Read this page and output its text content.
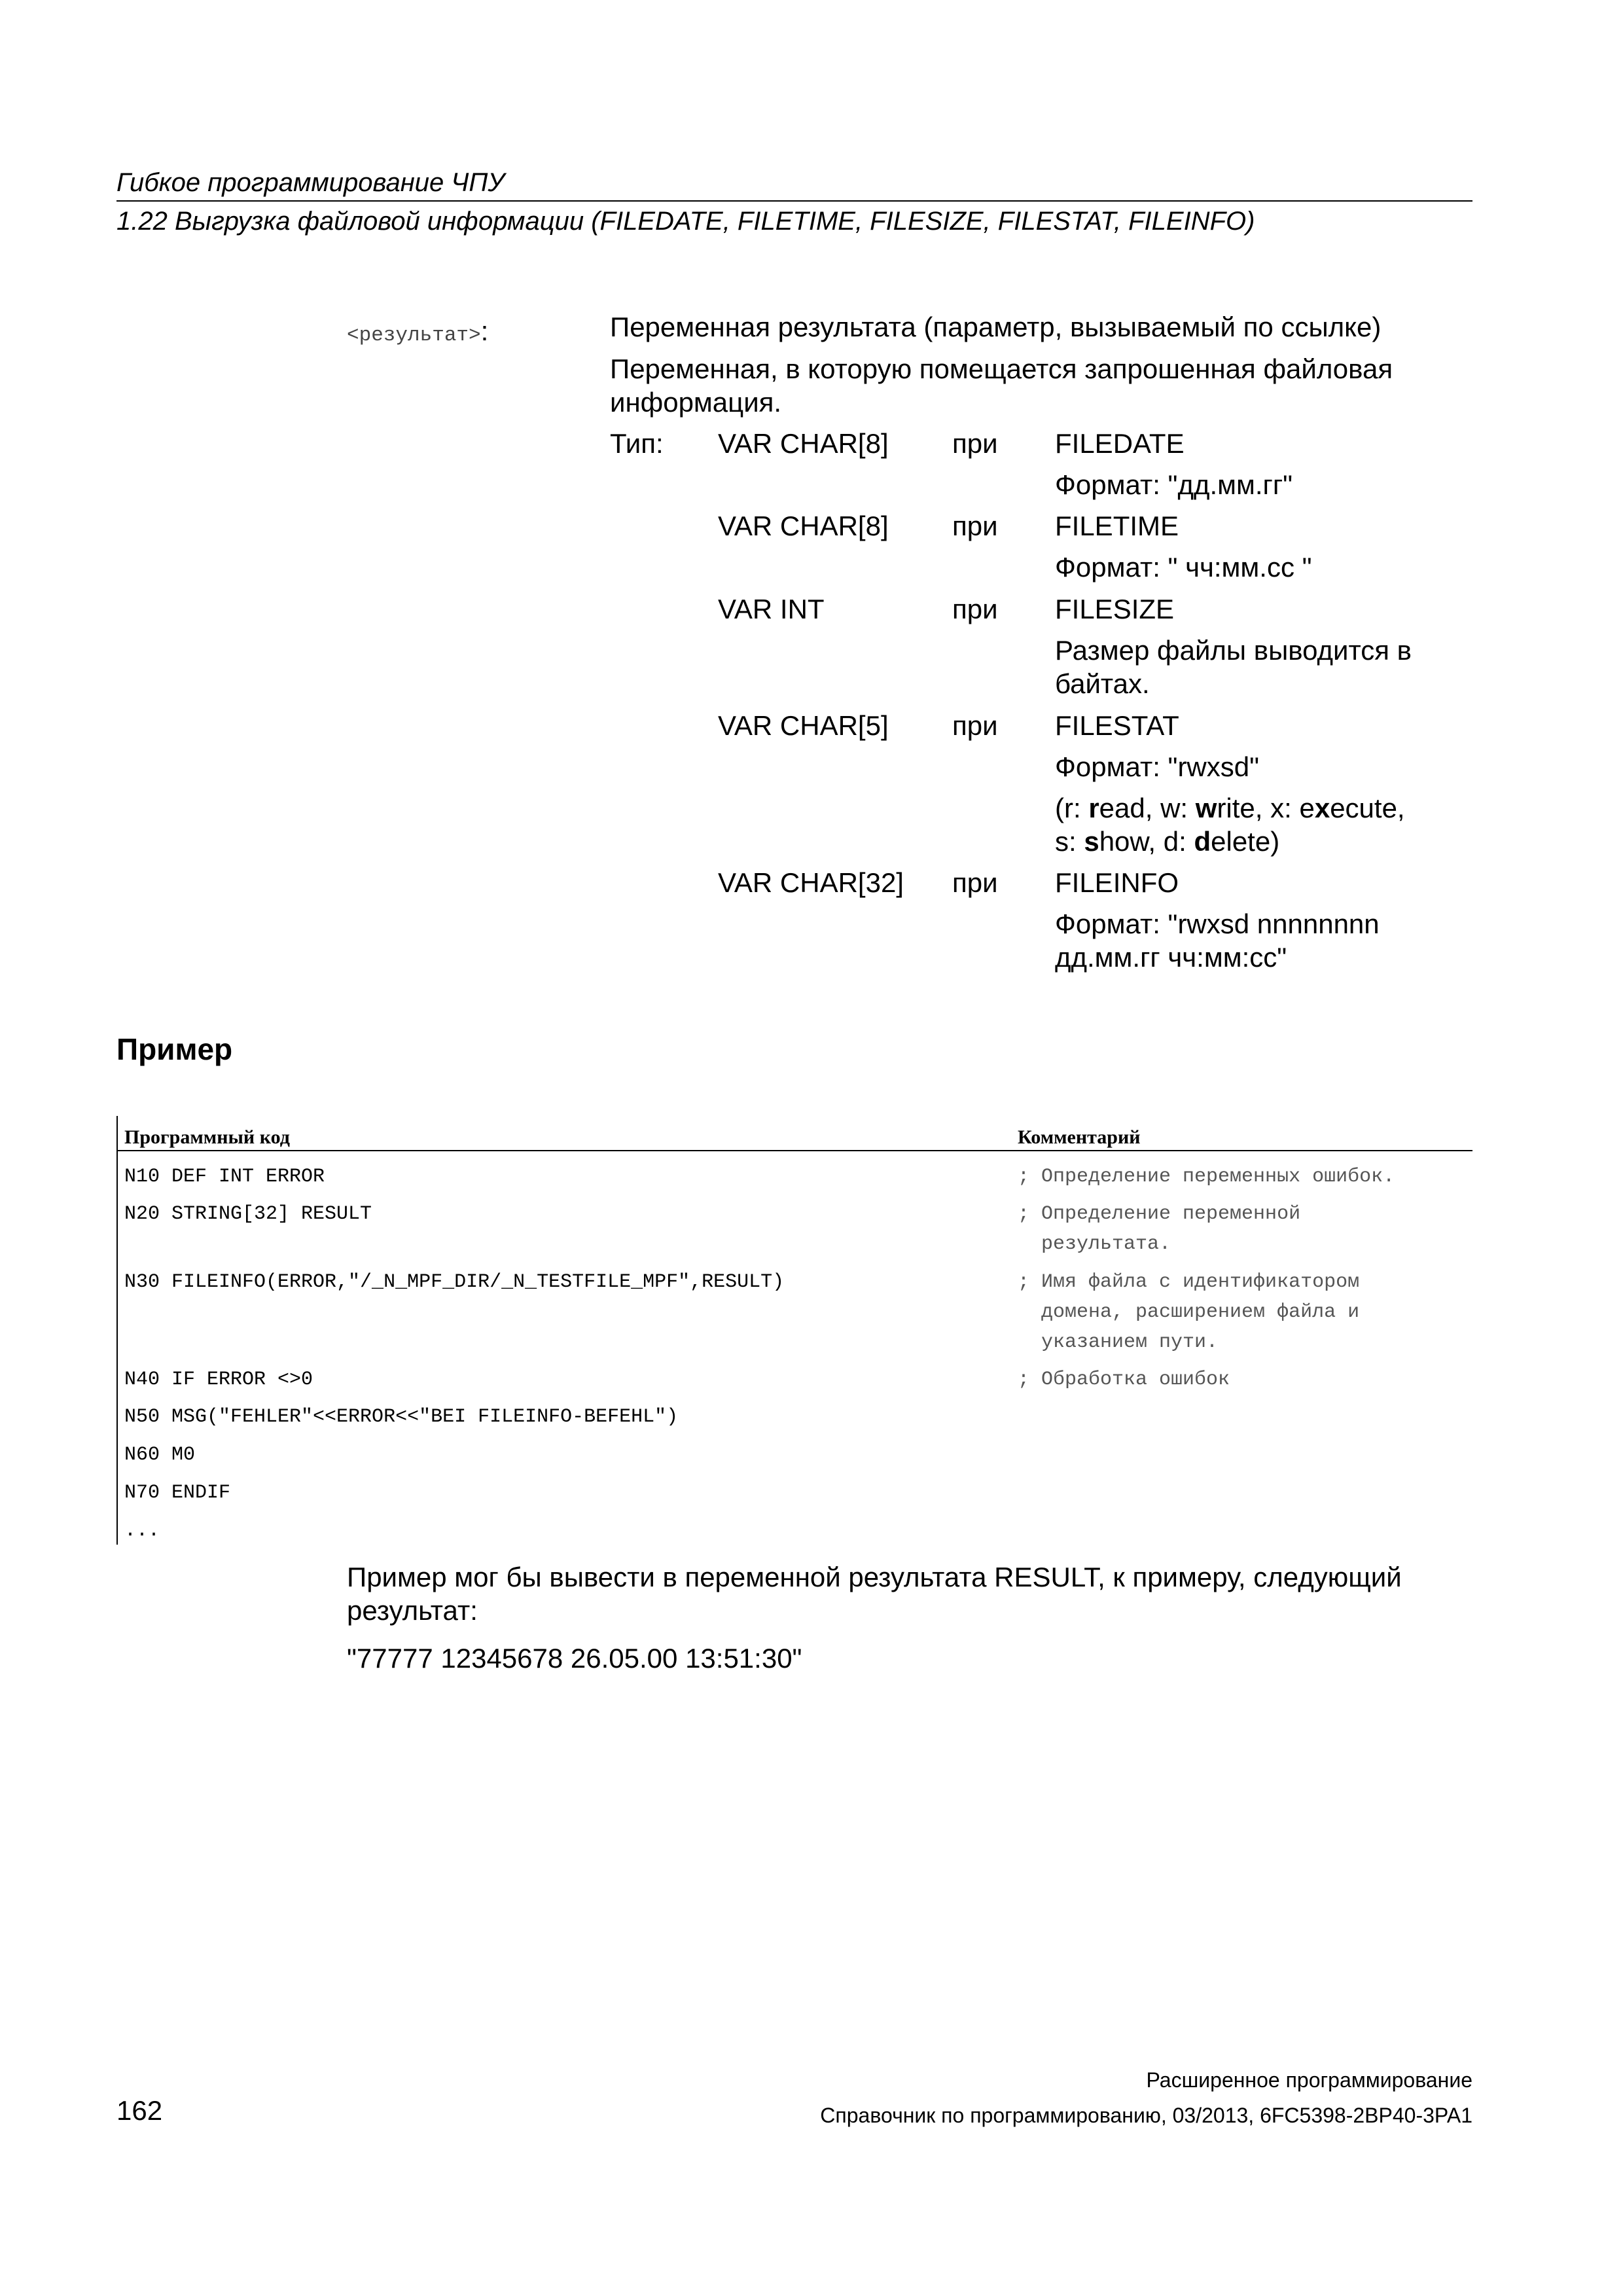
Гибкое программирование ЧПУ
1.22 Выгрузка файловой информации (FILEDATE, FILETIME, FILESIZE, FILESTAT, FILEINFO)
<результат>:	Переменная результата (параметр, вызываемый по ссылке)
Переменная, в которую помещается запрошенная файловая информация.
Тип: VAR CHAR[8] при FILEDATE
Формат: "дд.мм.гг"
VAR CHAR[8] при FILETIME
Формат: " чч:мм.сс "
VAR INT	при FILESIZE
Размер файлы выводится в байтах.
VAR CHAR[5] при FILESTAT
Формат: "rwxsd"
(r: read, w: write, x: execute,
s: show, d: delete)
VAR CHAR[32] при FILEINFO
Формат: "rwxsd nnnnnnnn дд.мм.гг чч:мм:сс"
Пример
Программный код	Комментарий
N10 DEF INT ERROR	; Определение переменных ошибок.
N20 STRING[32] RESULT	; Определение переменной
результата.
N30 FILEINFO(ERROR,"/_N_MPF_DIR/_N_TESTFILE_MPF",RESULT)	; Имя файла с идентификатором
домена, расширением файла и
указанием пути.
N40 IF ERROR <>0	; Обработка ошибок
N50 MSG("FEHLER"<<ERROR<<"BEI FILEINFO-BEFEHL")
N60 M0
N70 ENDIF
...
Пример мог бы вывести в переменной результата RESULT, к примеру, следующий результат:
"77777 12345678 26.05.00 13:51:30"
Расширенное программирование
162	Справочник по программированию, 03/2013, 6FC5398-2BP40-3PA1
